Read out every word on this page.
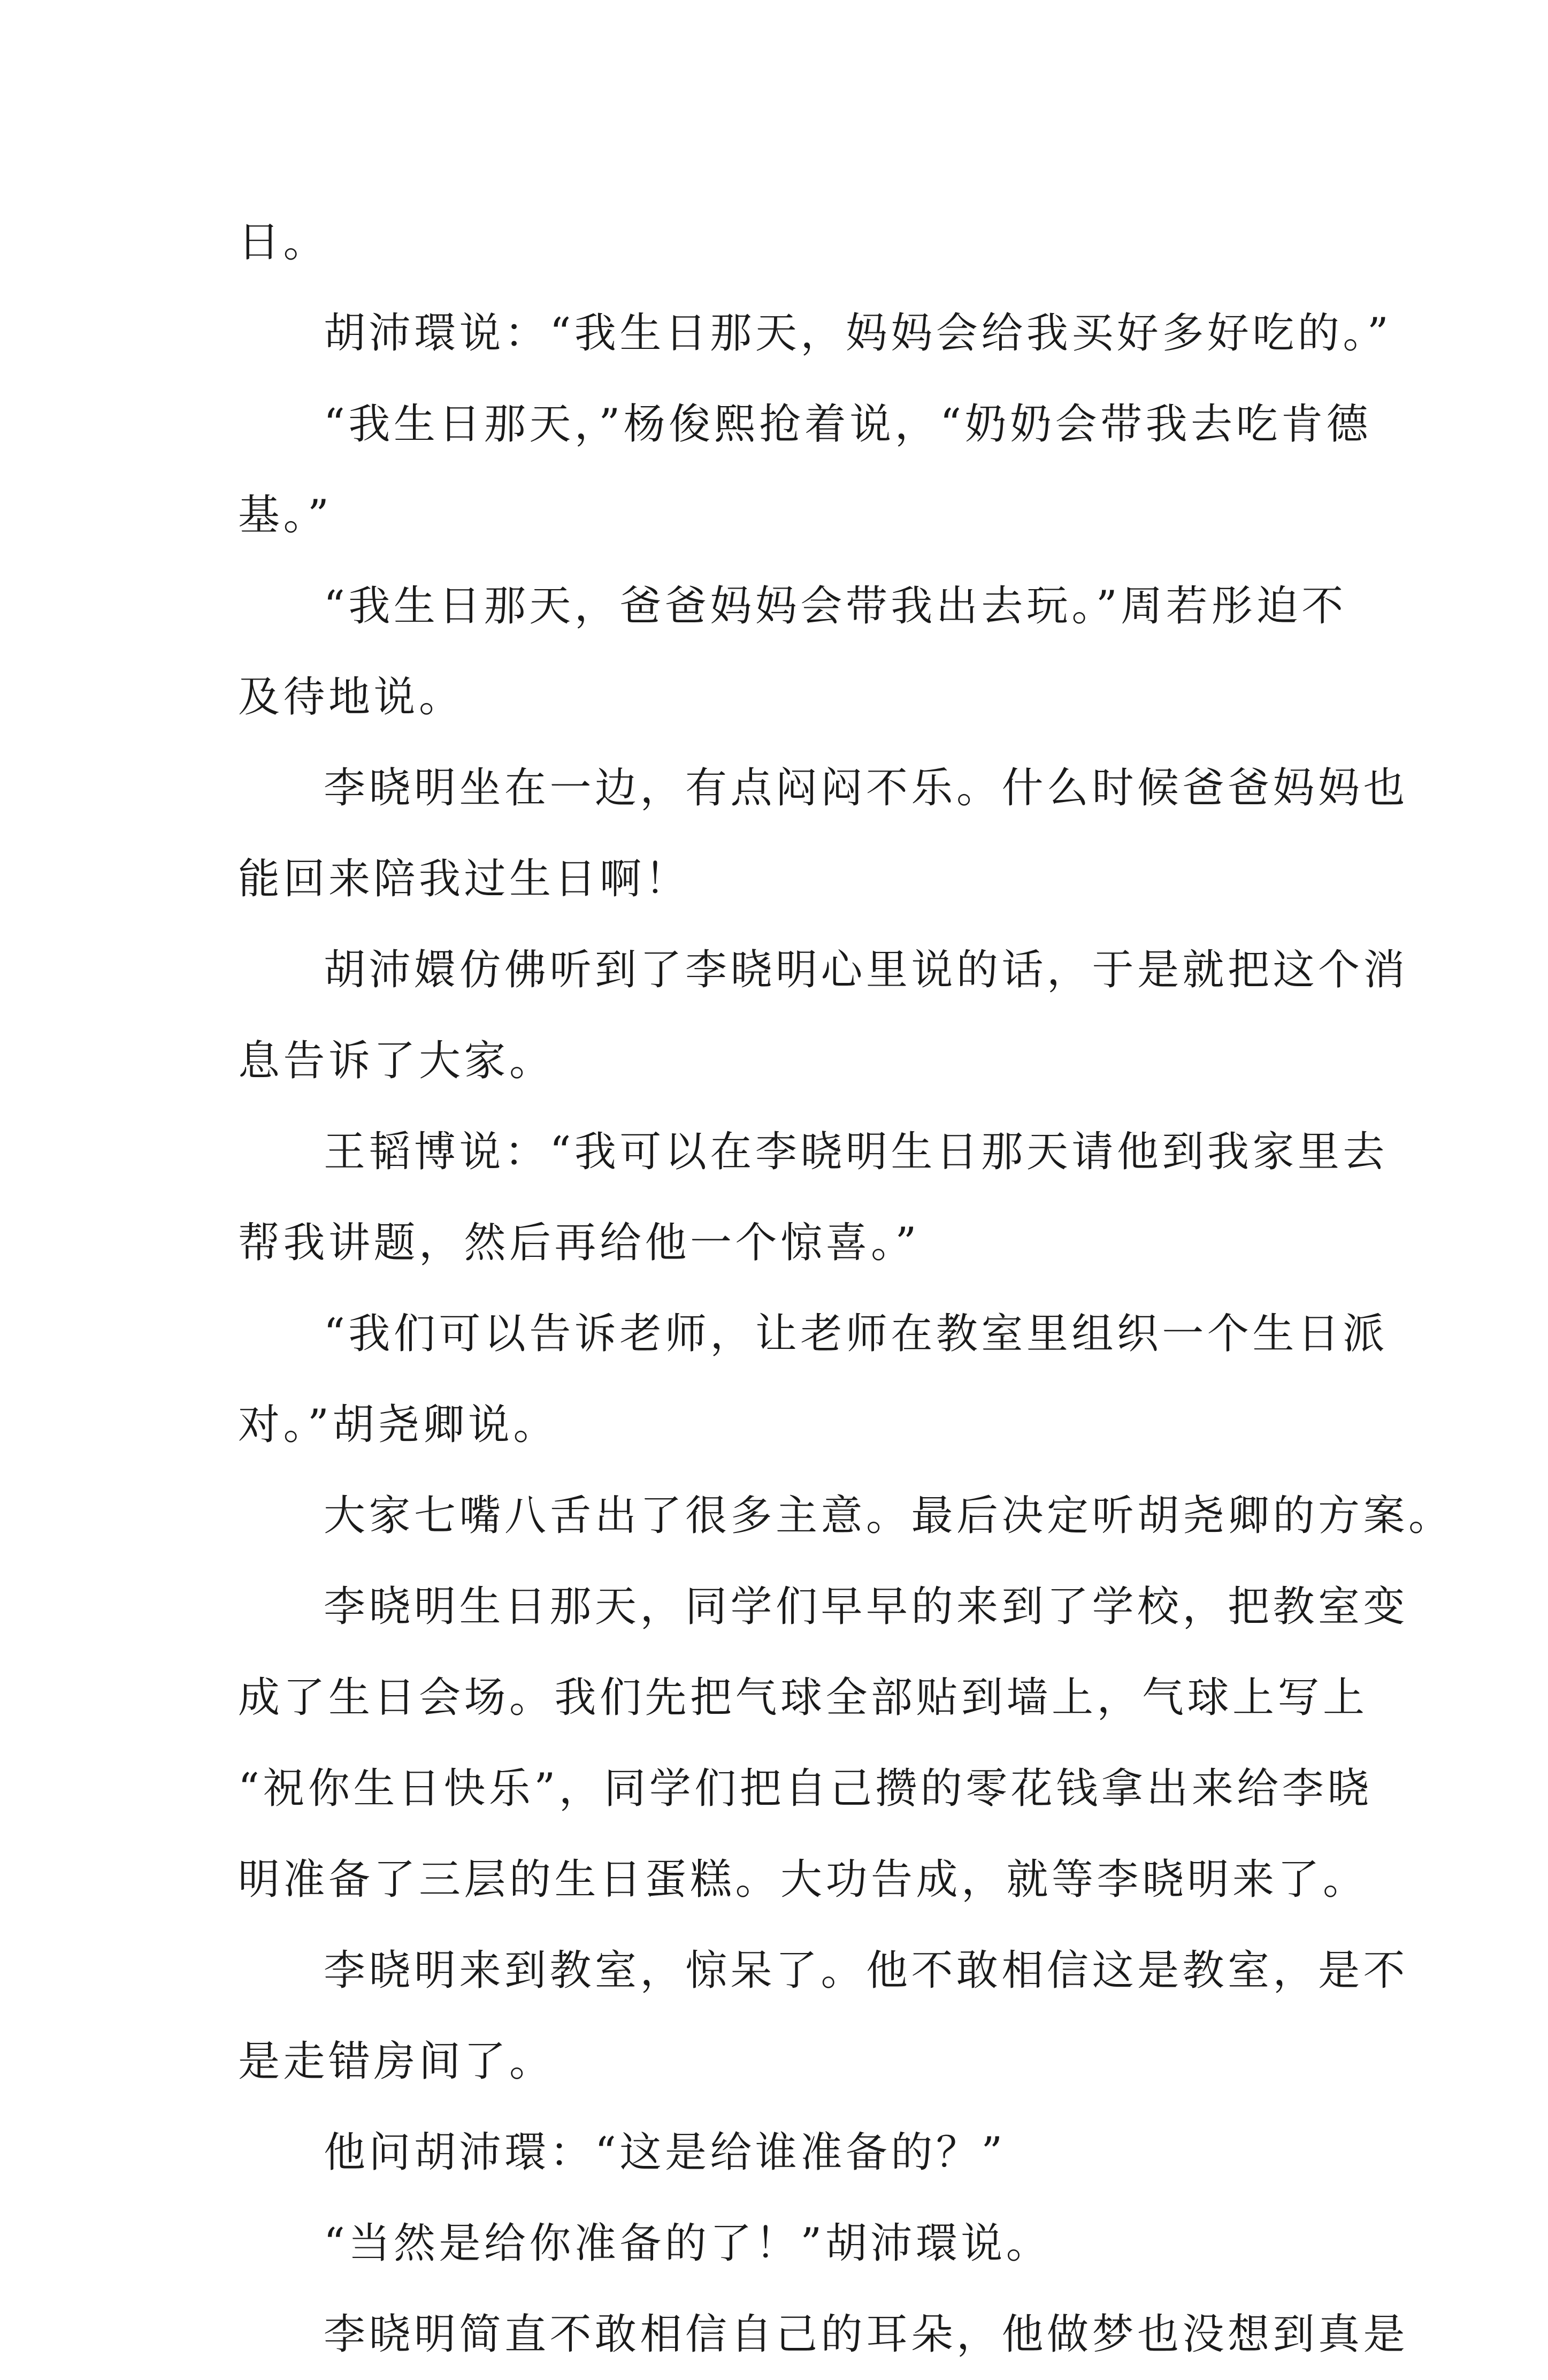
日。
胡沛環说：“我生日那天，妈妈会给我买好多好吃的。”
“我生日那天，”杨俊熙抢着说，“奶奶会带我去吃肯德
基。”
“我生日那天，爸爸妈妈会带我出去玩。”周若彤迫不
及待地说。
李晓明坐在一边，有点闷闷不乐。什么时候爸爸妈妈也
能回来陪我过生日啊！
胡沛嬛仿佛听到了李晓明心里说的话，于是就把这个消
息告诉了大家。
王韬博说：“我可以在李晓明生日那天请他到我家里去
帮我讲题，然后再给他一个惊喜。”
“我们可以告诉老师，让老师在教室里组织一个生日派
对。”胡尧卿说。
大家七嘴八舌出了很多主意。最后决定听胡尧卿的方案。
李晓明生日那天，同学们早早的来到了学校，把教室变
成了生日会场。我们先把气球全部贴到墙上，气球上写上
“祝你生日快乐”，同学们把自己攒的零花钱拿出来给李晓
明准备了三层的生日蛋糕。大功告成，就等李晓明来了。
李晓明来到教室，惊呆了。他不敢相信这是教室，是不
是走错房间了。
他问胡沛環：“这是给谁准备的？”
“当然是给你准备的了！”胡沛環说。
李晓明简直不敢相信自己的耳朵，他做梦也没想到真是
